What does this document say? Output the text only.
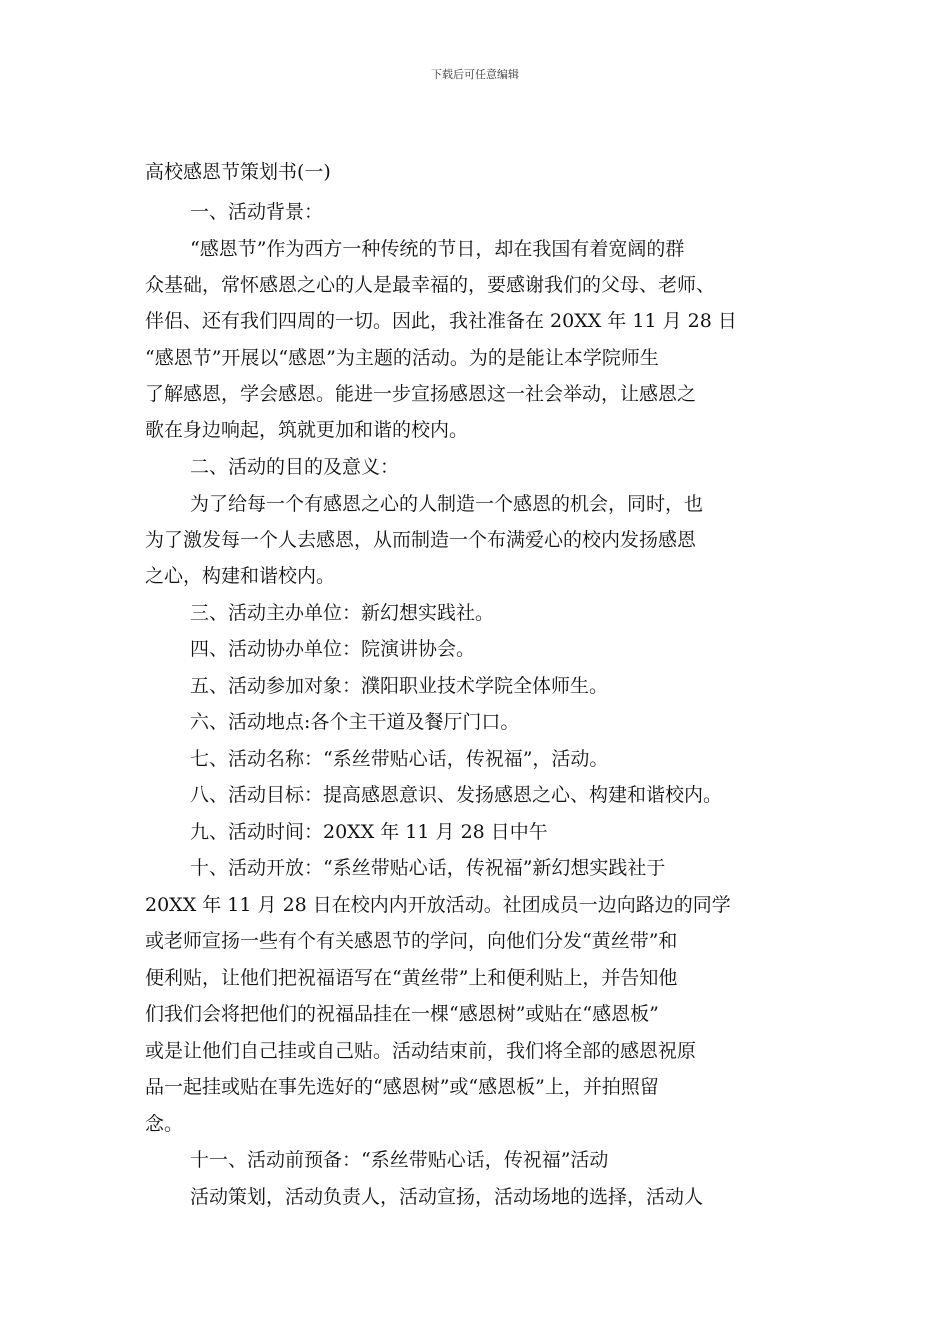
下载后可任意编辑
高校感恩节策划书(一)
一、活动背景：
“感恩节”作为西方一种传统的节日，却在我国有着宽阔的群
众基础，常怀感恩之心的人是最幸福的，要感谢我们的父母、老师、
伴侣、还有我们四周的一切。因此，我社准备在 20XX 年 11 月 28 日
“感恩节”开展以“感恩”为主题的活动。为的是能让本学院师生
了解感恩，学会感恩。能进一步宣扬感恩这一社会举动，让感恩之
歌在身边响起，筑就更加和谐的校内。
二、活动的目的及意义：
为了给每一个有感恩之心的人制造一个感恩的机会，同时，也
为了激发每一个人去感恩，从而制造一个布满爱心的校内发扬感恩
之心，构建和谐校内。
三、活动主办单位：新幻想实践社。
四、活动协办单位：院演讲协会。
五、活动参加对象：濮阳职业技术学院全体师生。
六、活动地点:各个主干道及餐厅门口。
七、活动名称：“系丝带贴心话，传祝福”，活动。
八、活动目标：提高感恩意识、发扬感恩之心、构建和谐校内。
九、活动时间：20XX 年 11 月 28 日中午
十、活动开放：“系丝带贴心话，传祝福”新幻想实践社于
20XX 年 11 月 28 日在校内内开放活动。社团成员一边向路边的同学
或老师宣扬一些有个有关感恩节的学问，向他们分发“黄丝带”和
便利贴，让他们把祝福语写在“黄丝带”上和便利贴上，并告知他
们我们会将把他们的祝福品挂在一棵“感恩树”或贴在“感恩板”
或是让他们自己挂或自己贴。活动结束前，我们将全部的感恩祝原
品一起挂或贴在事先选好的“感恩树”或“感恩板”上，并拍照留
念。
十一、活动前预备：“系丝带贴心话，传祝福”活动
活动策划，活动负责人，活动宣扬，活动场地的选择，活动人
